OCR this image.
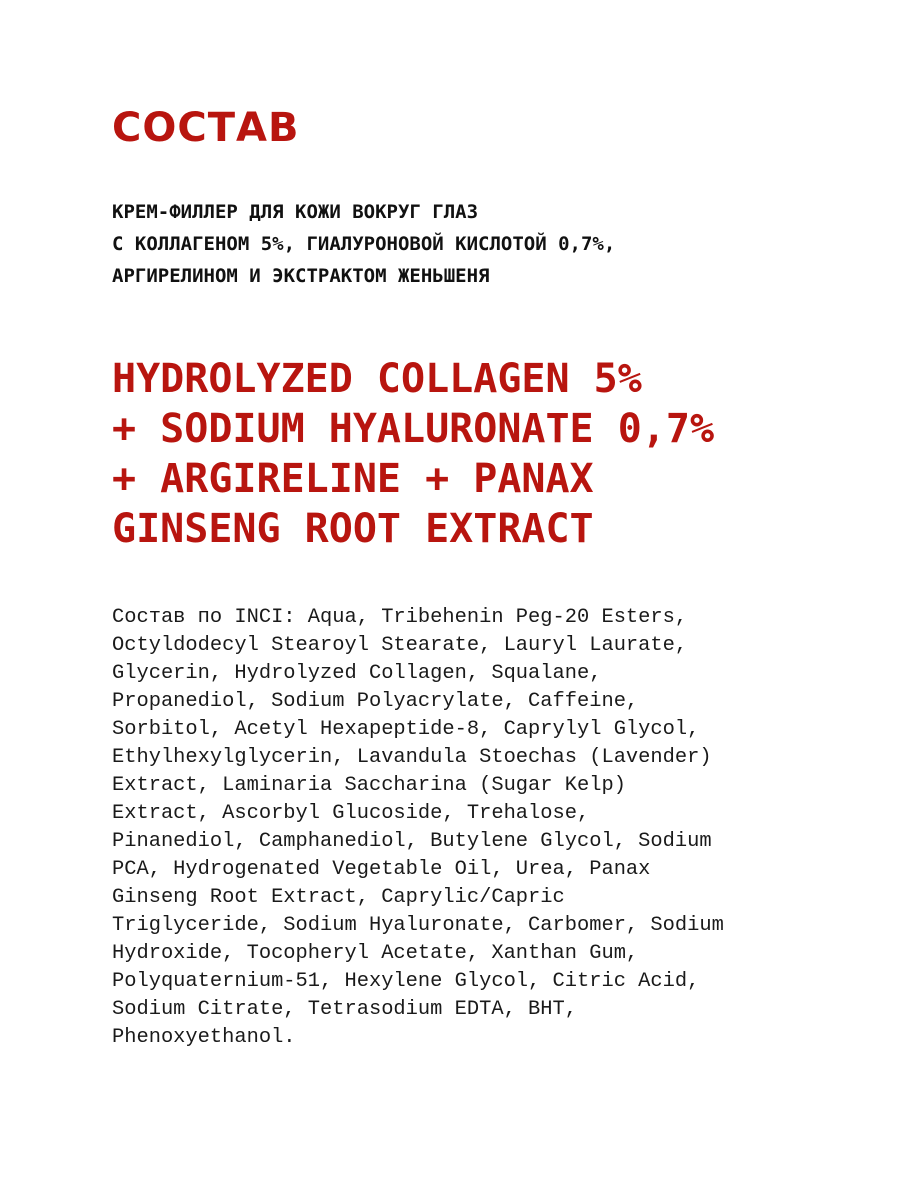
СОСТАВ
КРЕМ-ФИЛЛЕР ДЛЯ КОЖИ ВОКРУГ ГЛАЗ
С КОЛЛАГЕНОМ 5%, ГИАЛУРОНОВОЙ КИСЛОТОЙ 0,7%,
АРГИРЕЛИНОМ И ЭКСТРАКТОМ ЖЕНЬШЕНЯ
HYDROLYZED COLLAGEN 5%
+ SODIUM HYALURONATE 0,7%
+ ARGIRELINE + PANAX
GINSENG ROOT EXTRACT
Состав по INCI: Aqua, Tribehenin Peg-20 Esters,
Octyldodecyl Stearoyl Stearate, Lauryl Laurate,
Glycerin, Hydrolyzed Collagen, Squalane,
Propanediol, Sodium Polyacrylate, Caffeine,
Sorbitol, Acetyl Hexapeptide-8, Caprylyl Glycol,
Ethylhexylglycerin, Lavandula Stoechas (Lavender)
Extract, Laminaria Saccharina (Sugar Kelp)
Extract, Ascorbyl Glucoside, Trehalose,
Pinanediol, Camphanediol, Butylene Glycol, Sodium
PCA, Hydrogenated Vegetable Oil, Urea, Panax
Ginseng Root Extract, Caprylic/Capric
Triglyceride, Sodium Hyaluronate, Carbomer, Sodium
Hydroxide, Tocopheryl Acetate, Xanthan Gum,
Polyquaternium-51, Hexylene Glycol, Citric Acid,
Sodium Citrate, Tetrasodium EDTA, BHT,
Phenoxyethanol.
